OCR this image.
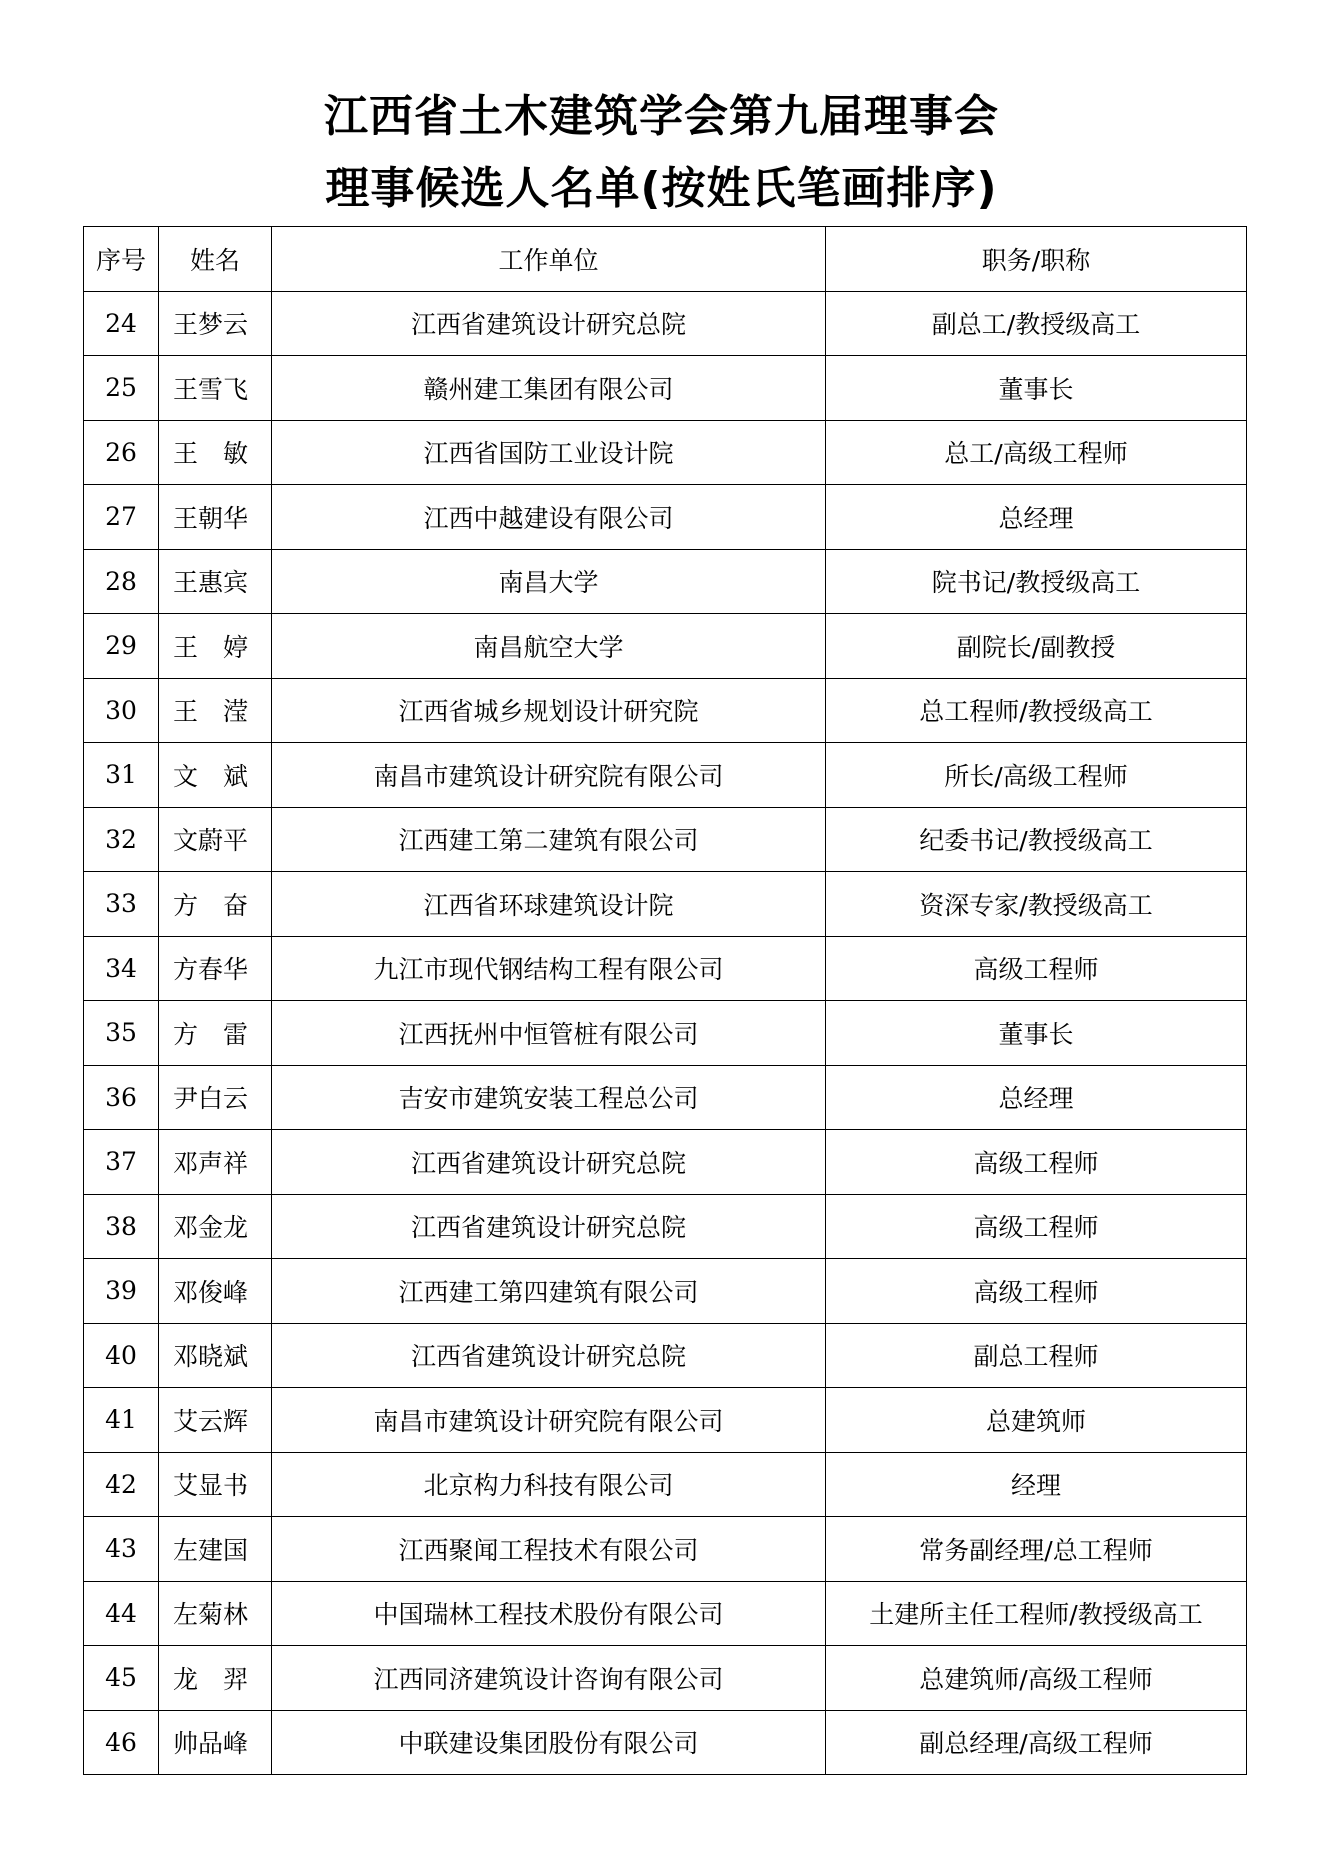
江西省土木建筑学会第九届理事会
理事候选人名单(按姓氏笔画排序)
序号	姓名	工作单位	职务/职称
24	王梦云	江西省建筑设计研究总院	副总工/教授级高工
25	王雪飞	赣州建工集团有限公司	董事长
26	王　敏	江西省国防工业设计院	总工/高级工程师
27	王朝华	江西中越建设有限公司	总经理
28	王惠宾	南昌大学	院书记/教授级高工
29	王　婷	南昌航空大学	副院长/副教授
30	王　滢	江西省城乡规划设计研究院	总工程师/教授级高工
31	文　斌	南昌市建筑设计研究院有限公司	所长/高级工程师
32	文蔚平	江西建工第二建筑有限公司	纪委书记/教授级高工
33	方　奋	江西省环球建筑设计院	资深专家/教授级高工
34	方春华	九江市现代钢结构工程有限公司	高级工程师
35	方　雷	江西抚州中恒管桩有限公司	董事长
36	尹白云	吉安市建筑安装工程总公司	总经理
37	邓声祥	江西省建筑设计研究总院	高级工程师
38	邓金龙	江西省建筑设计研究总院	高级工程师
39	邓俊峰	江西建工第四建筑有限公司	高级工程师
40	邓晓斌	江西省建筑设计研究总院	副总工程师
41	艾云辉	南昌市建筑设计研究院有限公司	总建筑师
42	艾显书	北京构力科技有限公司	经理
43	左建国	江西聚闻工程技术有限公司	常务副经理/总工程师
44	左菊林	中国瑞林工程技术股份有限公司	土建所主任工程师/教授级高工
45	龙　羿	江西同济建筑设计咨询有限公司	总建筑师/高级工程师
46	帅品峰	中联建设集团股份有限公司	副总经理/高级工程师
